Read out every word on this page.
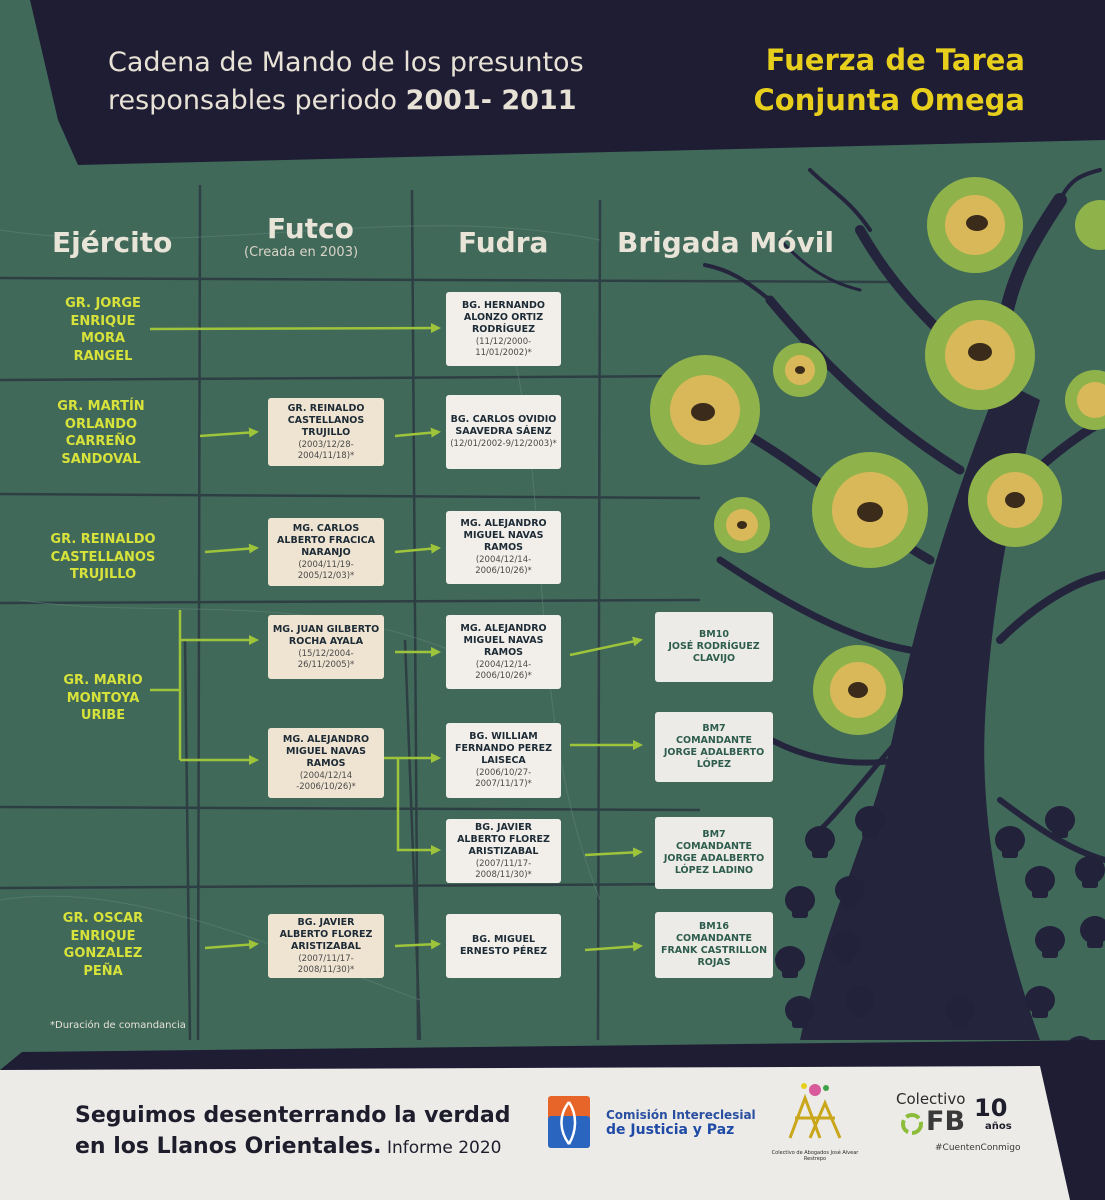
Cadena de Mando de los presuntos
responsables periodo 2001- 2011
Fuerza de Tarea
Conjunta Omega
Ejército	Futco
(Creada en 2003)	Fudra Brigada Móvil
GR. JORGE
ENRIQUE
MORA
RANGEL
GR. MARTÍN
ORLANDO
CARREÑO
SANDOVAL
GR. REINALDO
CASTELLANOS
TRUJILLO
GR. MARIO
MONTOYA
URIBE
GR. OSCAR
ENRIQUE
GONZALEZ
PEÑA
GR. REINALDO CASTELLANOS TRUJILLO
(2003/12/28-2004/11/18)*
MG. CARLOS ALBERTO FRACICA NARANJO
(2004/11/19-2005/12/03)*
MG. JUAN GILBERTO ROCHA AYALA
(15/12/2004-26/11/2005)*
MG. ALEJANDRO MIGUEL NAVAS RAMOS
(2004/12/14 -2006/10/26)*
BG. JAVIER ALBERTO FLOREZ ARISTIZABAL
(2007/11/17-2008/11/30)*
BG. HERNANDO ALONZO ORTIZ RODRÍGUEZ
(11/12/2000-11/01/2002)*
BG. CARLOS OVIDIO SAAVEDRA SÁENZ
(12/01/2002-9/12/2003)*
MG. ALEJANDRO MIGUEL NAVAS RAMOS
(2004/12/14-2006/10/26)*
MG. ALEJANDRO MIGUEL NAVAS RAMOS
(2004/12/14-2006/10/26)*
BG. WILLIAM FERNANDO PEREZ LAISECA
(2006/10/27-2007/11/17)*
BG. JAVIER ALBERTO FLOREZ ARISTIZABAL
(2007/11/17-2008/11/30)*
BG. MIGUEL ERNESTO PÉREZ
BM10
JOSÉ RODRÍGUEZ CLAVIJO
BM7
COMANDANTE JORGE ADALBERTO LÓPEZ
BM7
COMANDANTE JORGE ADALBERTO LÓPEZ LADINO
BM16
COMANDANTE FRANK CASTRILLON ROJAS
*Duración de comandancia
Seguimos desenterrando la verdad
en los Llanos Orientales. Informe 2020
Comisión Intereclesial
de Justicia y Paz
Colectivo de Abogados José Alvear Restrepo
Colectivo
FB 10
años
#CuentenConmigo
